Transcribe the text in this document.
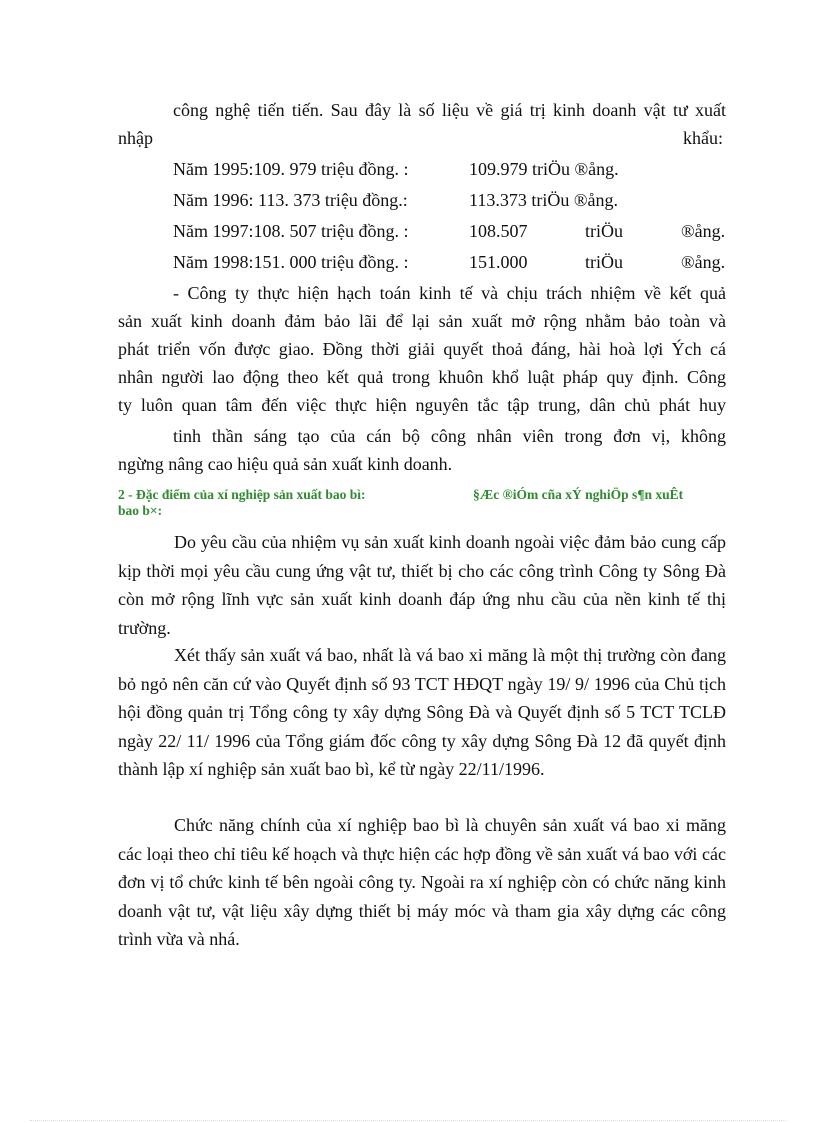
công nghệ tiến tiến. Sau đây là số liệu về giá trị kinh doanh vật tư xuất
nhập	khẩu:
Năm 1995:109. 979 triệu đồng. :	109.979 triÖu ®ång.
Năm 1996: 113. 373 triệu đồng.:	113.373 triÖu ®ång.
Năm 1997:108. 507 triệu đồng. :	108.507	triÖu	®ång.
Năm 1998:151. 000 triệu đồng. :	151.000	triÖu	®ång.
- Công ty thực hiện hạch toán kinh tế và chịu trách nhiệm về kết quả
sản xuất kinh doanh đảm bảo lãi để lại sản xuất mở rộng nhằm bảo toàn và
phát triển vốn được giao. Đồng thời giải quyết thoả đáng, hài hoà lợi Ých cá
nhân người lao động theo kết quả trong khuôn khổ luật pháp quy định. Công
ty luôn quan tâm đến việc thực hiện nguyên tắc tập trung, dân chủ phát huy
tinh thần sáng tạo của cán bộ công nhân viên trong đơn vị, không
ngừng nâng cao hiệu quả sản xuất kinh doanh.
2 - Đặc điểm của xí nghiệp sản xuất bao bì:	§Æc ®iÓm cña xÝ nghiÖp s¶n xuÊt
bao b×:
Do yêu cầu của nhiệm vụ sản xuất kinh doanh ngoài việc đảm bảo cung cấp kịp thời mọi yêu cầu cung ứng vật tư, thiết bị cho các công trình Công ty Sông Đà còn mở rộng lĩnh vực sản xuất kinh doanh đáp ứng nhu cầu của nền kinh tế thị trường.
Xét thấy sản xuất vá bao, nhất là vá bao xi măng là một thị trường còn đang bỏ ngỏ nên căn cứ vào Quyết định số 93 TCT HĐQT ngày 19/ 9/ 1996 của Chủ tịch hội đồng quản trị Tổng công ty xây dựng Sông Đà và Quyết định số 5 TCT TCLĐ ngày 22/ 11/ 1996 của Tổng giám đốc công ty xây dựng Sông Đà 12 đã quyết định thành lập xí nghiệp sản xuất bao bì, kể từ ngày 22/11/1996.
Chức năng chính của xí nghiệp bao bì là chuyên sản xuất vá bao xi măng các loại theo chỉ tiêu kế hoạch và thực hiện các hợp đồng về sản xuất vá bao với các đơn vị tổ chức kinh tế bên ngoài công ty. Ngoài ra xí nghiệp còn có chức năng kinh doanh vật tư, vật liệu xây dựng thiết bị máy móc và tham gia xây dựng các công trình vừa và nhá.
